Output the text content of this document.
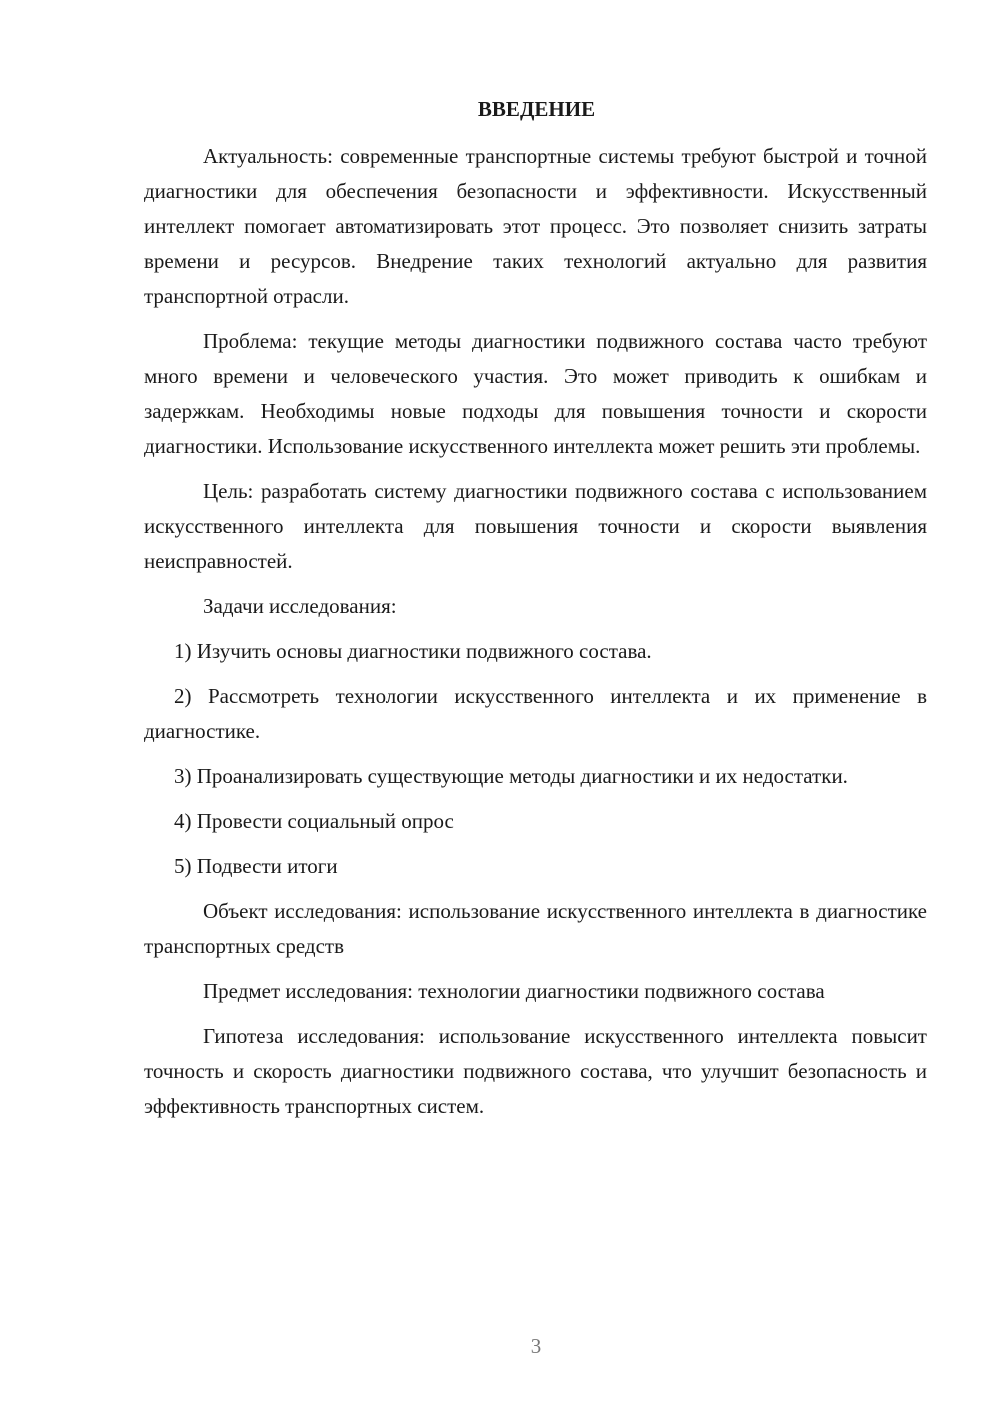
ВВЕДЕНИЕ

Актуальность: современные транспортные системы требуют быстрой и точной диагностики для обеспечения безопасности и эффективности. Искусственный интеллект помогает автоматизировать этот процесс. Это позволяет снизить затраты времени и ресурсов. Внедрение таких технологий актуально для развития транспортной отрасли.

Проблема: текущие методы диагностики подвижного состава часто требуют много времени и человеческого участия. Это может приводить к ошибкам и задержкам. Необходимы новые подходы для повышения точности и скорости диагностики. Использование искусственного интеллекта может решить эти проблемы.

Цель: разработать систему диагностики подвижного состава с использованием искусственного интеллекта для повышения точности и скорости выявления неисправностей.

Задачи исследования:

1) Изучить основы диагностики подвижного состава.

2) Рассмотреть технологии искусственного интеллекта и их применение в диагностике.

3) Проанализировать существующие методы диагностики и их недостатки.

4) Провести социальный опрос

5) Подвести итоги

Объект исследования: использование искусственного интеллекта в диагностике транспортных средств

Предмет исследования: технологии диагностики подвижного состава

Гипотеза исследования: использование искусственного интеллекта повысит точность и скорость диагностики подвижного состава, что улучшит безопасность и эффективность транспортных систем.

3
